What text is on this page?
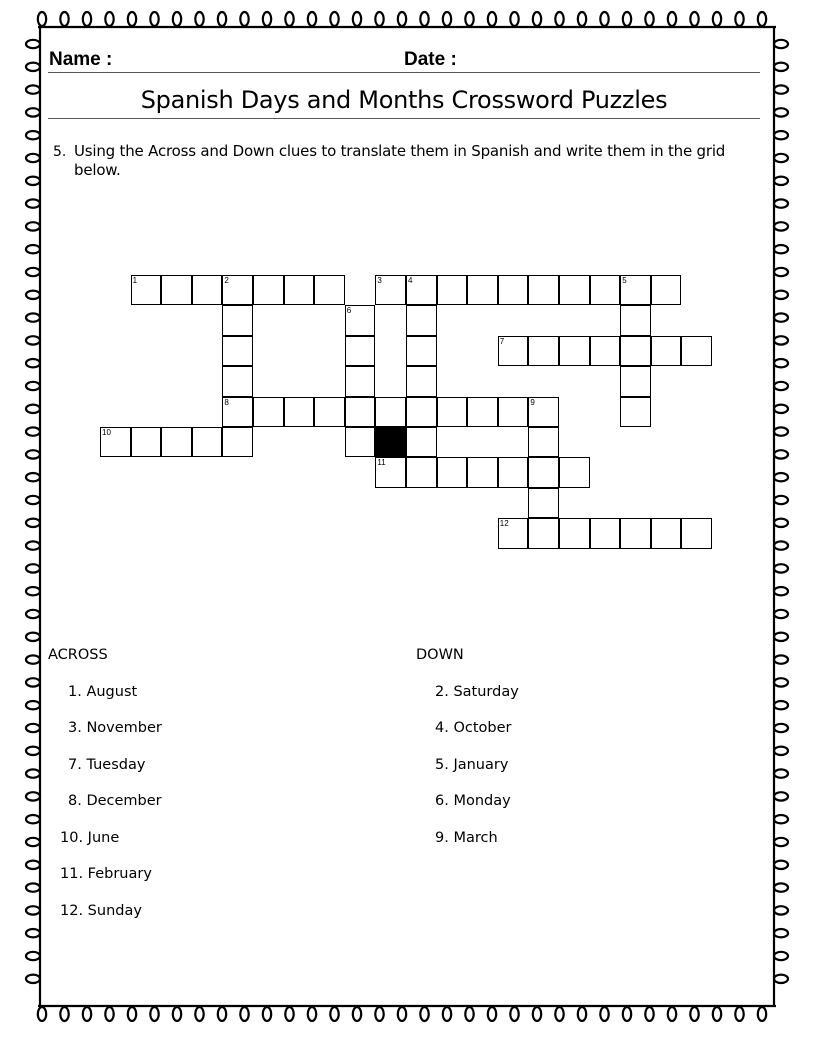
Name :	Date :
Spanish Days and Months Crossword Puzzles
5. Using the Across and Down clues to translate them in Spanish and write them in the grid below.
1	2	3	4	5
6
7
8	9
10
11
12
ACROSS	DOWN
1. August
3. November
7. Tuesday
8. December
10. June
11. February
12. Sunday
2. Saturday
4. October
5. January
6. Monday
9. March
